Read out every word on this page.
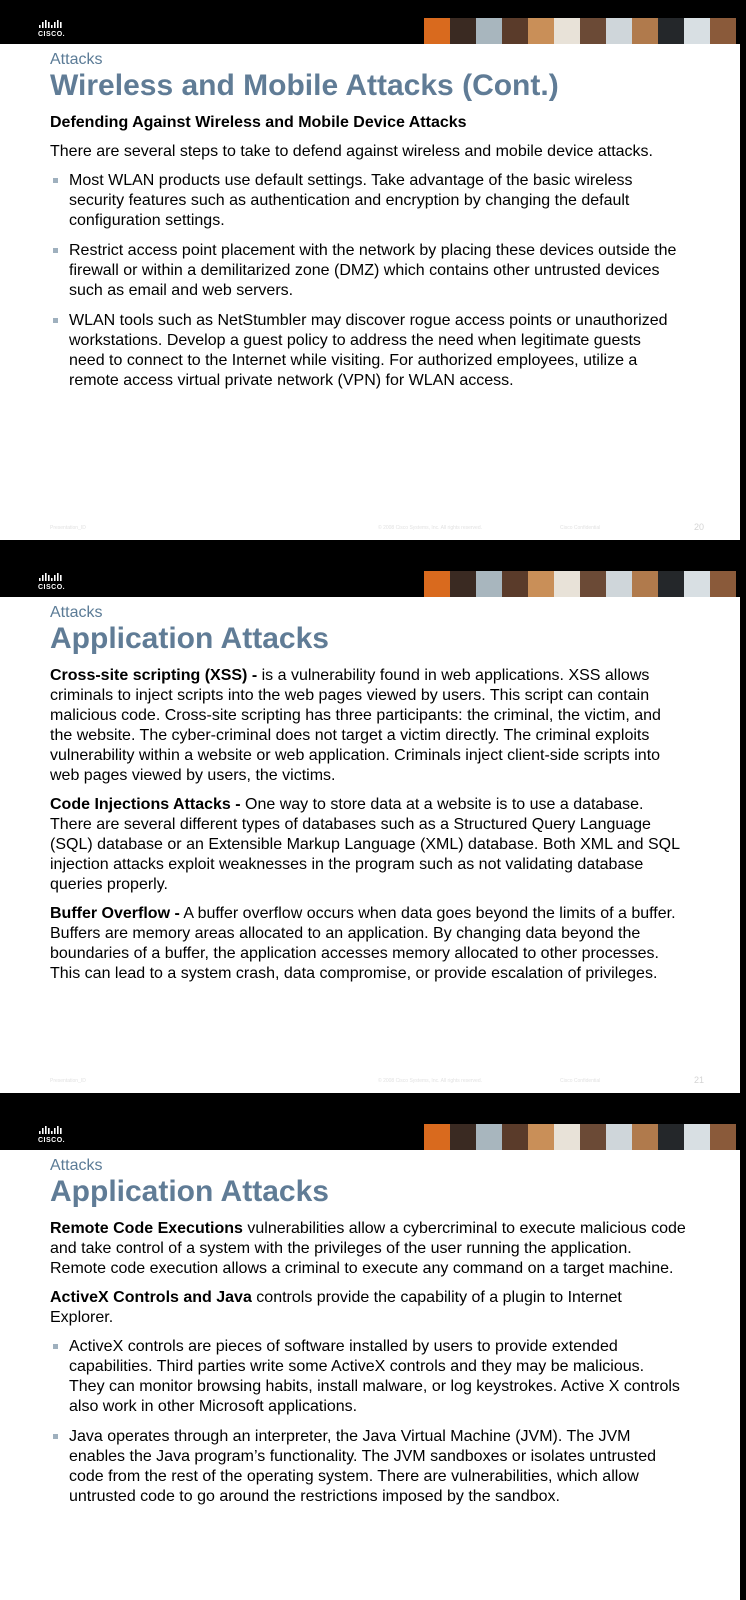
CISCO.
Attacks
Wireless and Mobile Attacks (Cont.)
Defending Against Wireless and Mobile Device Attacks

There are several steps to take to defend against wireless and mobile device attacks.

Most WLAN products use default settings. Take advantage of the basic wireless security features such as authentication and encryption by changing the default configuration settings.
Restrict access point placement with the network by placing these devices outside the firewall or within a demilitarized zone (DMZ) which contains other untrusted devices such as email and web servers.
WLAN tools such as NetStumbler may discover rogue access points or unauthorized workstations. Develop a guest policy to address the need when legitimate guests need to connect to the Internet while visiting. For authorized employees, utilize a remote access virtual private network (VPN) for WLAN access.
Presentation_ID	© 2008 Cisco Systems, Inc. All rights reserved.	Cisco Confidential	20
CISCO.
Attacks
Application Attacks

Cross-site scripting (XSS) - is a vulnerability found in web applications. XSS allows criminals to inject scripts into the web pages viewed by users. This script can contain malicious code. Cross-site scripting has three participants: the criminal, the victim, and the website. The cyber-criminal does not target a victim directly. The criminal exploits vulnerability within a website or web application. Criminals inject client-side scripts into web pages viewed by users, the victims.

Code Injections Attacks - One way to store data at a website is to use a database. There are several different types of databases such as a Structured Query Language (SQL) database or an Extensible Markup Language (XML) database. Both XML and SQL injection attacks exploit weaknesses in the program such as not validating database queries properly.

Buffer Overflow - A buffer overflow occurs when data goes beyond the limits of a buffer. Buffers are memory areas allocated to an application. By changing data beyond the boundaries of a buffer, the application accesses memory allocated to other processes. This can lead to a system crash, data compromise, or provide escalation of privileges.

Presentation_ID	© 2008 Cisco Systems, Inc. All rights reserved.	Cisco Confidential	21
CISCO.
Attacks
Application Attacks

Remote Code Executions vulnerabilities allow a cybercriminal to execute malicious code and take control of a system with the privileges of the user running the application. Remote code execution allows a criminal to execute any command on a target machine.

ActiveX Controls and Java controls provide the capability of a plugin to Internet Explorer.

ActiveX controls are pieces of software installed by users to provide extended capabilities. Third parties write some ActiveX controls and they may be malicious. They can monitor browsing habits, install malware, or log keystrokes. Active X controls also work in other Microsoft applications.
Java operates through an interpreter, the Java Virtual Machine (JVM). The JVM enables the Java program’s functionality. The JVM sandboxes or isolates untrusted code from the rest of the operating system. There are vulnerabilities, which allow untrusted code to go around the restrictions imposed by the sandbox.
